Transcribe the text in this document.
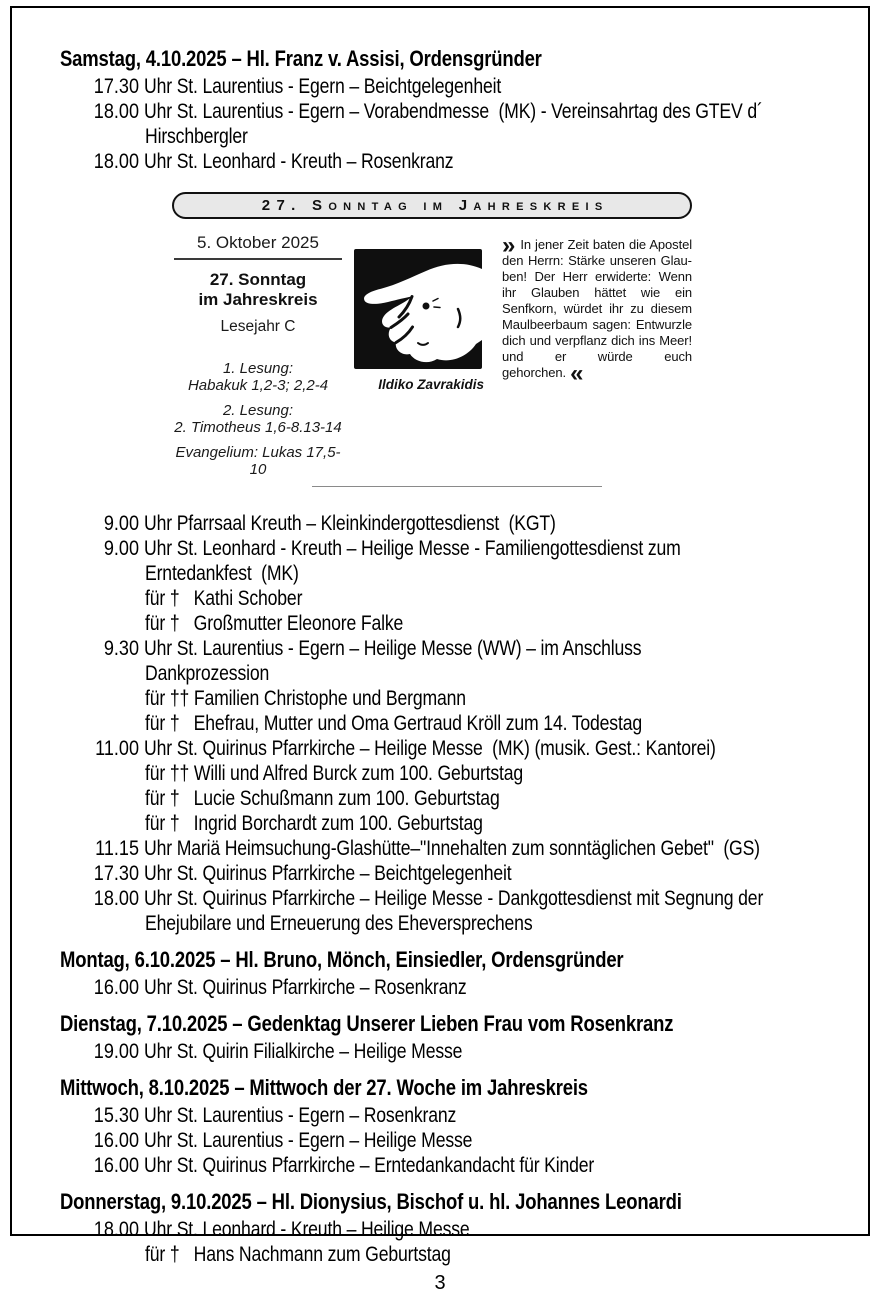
Samstag, 4.10.2025 – Hl. Franz v. Assisi, Ordensgründer
17.30 Uhr St. Laurentius - Egern – Beichtgelegenheit
18.00 Uhr St. Laurentius - Egern – Vorabendmesse  (MK) - Vereinsahrtag des GTEV d´
Hirschbergler
18.00 Uhr St. Leonhard - Kreuth – Rosenkranz
27. Sonntag im Jahreskreis
5. Oktober 2025
27. Sonntag
im Jahreskreis
Lesejahr C
1. Lesung:
Habakuk 1,2-3; 2,2-4
2. Lesung:
2. Timotheus 1,6-8.13-14
Evangelium: Lukas 17,5-10
Ildiko Zavrakidis
» In jener Zeit baten die Apostel den Herrn: Stärke unseren Glauben! Der Herr erwiderte: Wenn ihr Glauben hättet wie ein Senfkorn, würdet ihr zu diesem Maulbeerbaum sagen: Entwurzle dich und verpflanz dich ins Meer! und er würde euch gehorchen. «
9.00 Uhr Pfarrsaal Kreuth – Kleinkindergottesdienst  (KGT)
9.00 Uhr St. Leonhard - Kreuth – Heilige Messe - Familiengottesdienst zum
Erntedankfest  (MK)
für †   Kathi Schober
für †   Großmutter Eleonore Falke
9.30 Uhr St. Laurentius - Egern – Heilige Messe (WW) – im Anschluss
Dankprozession
für †† Familien Christophe und Bergmann
für †   Ehefrau, Mutter und Oma Gertraud Kröll zum 14. Todestag
11.00 Uhr St. Quirinus Pfarrkirche – Heilige Messe  (MK) (musik. Gest.: Kantorei)
für †† Willi und Alfred Burck zum 100. Geburtstag
für †   Lucie Schußmann zum 100. Geburtstag
für †   Ingrid Borchardt zum 100. Geburtstag
11.15 Uhr Mariä Heimsuchung-Glashütte–"Innehalten zum sonntäglichen Gebet"  (GS)
17.30 Uhr St. Quirinus Pfarrkirche – Beichtgelegenheit
18.00 Uhr St. Quirinus Pfarrkirche – Heilige Messe - Dankgottesdienst mit Segnung der
Ehejubilare und Erneuerung des Eheversprechens
Montag, 6.10.2025 – Hl. Bruno, Mönch, Einsiedler, Ordensgründer
16.00 Uhr St. Quirinus Pfarrkirche – Rosenkranz
Dienstag, 7.10.2025 – Gedenktag Unserer Lieben Frau vom Rosenkranz
19.00 Uhr St. Quirin Filialkirche – Heilige Messe
Mittwoch, 8.10.2025 – Mittwoch der 27. Woche im Jahreskreis
15.30 Uhr St. Laurentius - Egern – Rosenkranz
16.00 Uhr St. Laurentius - Egern – Heilige Messe
16.00 Uhr St. Quirinus Pfarrkirche – Erntedankandacht für Kinder
Donnerstag, 9.10.2025 – Hl. Dionysius, Bischof u. hl. Johannes Leonardi
18.00 Uhr St. Leonhard - Kreuth – Heilige Messe
für †   Hans Nachmann zum Geburtstag
3
